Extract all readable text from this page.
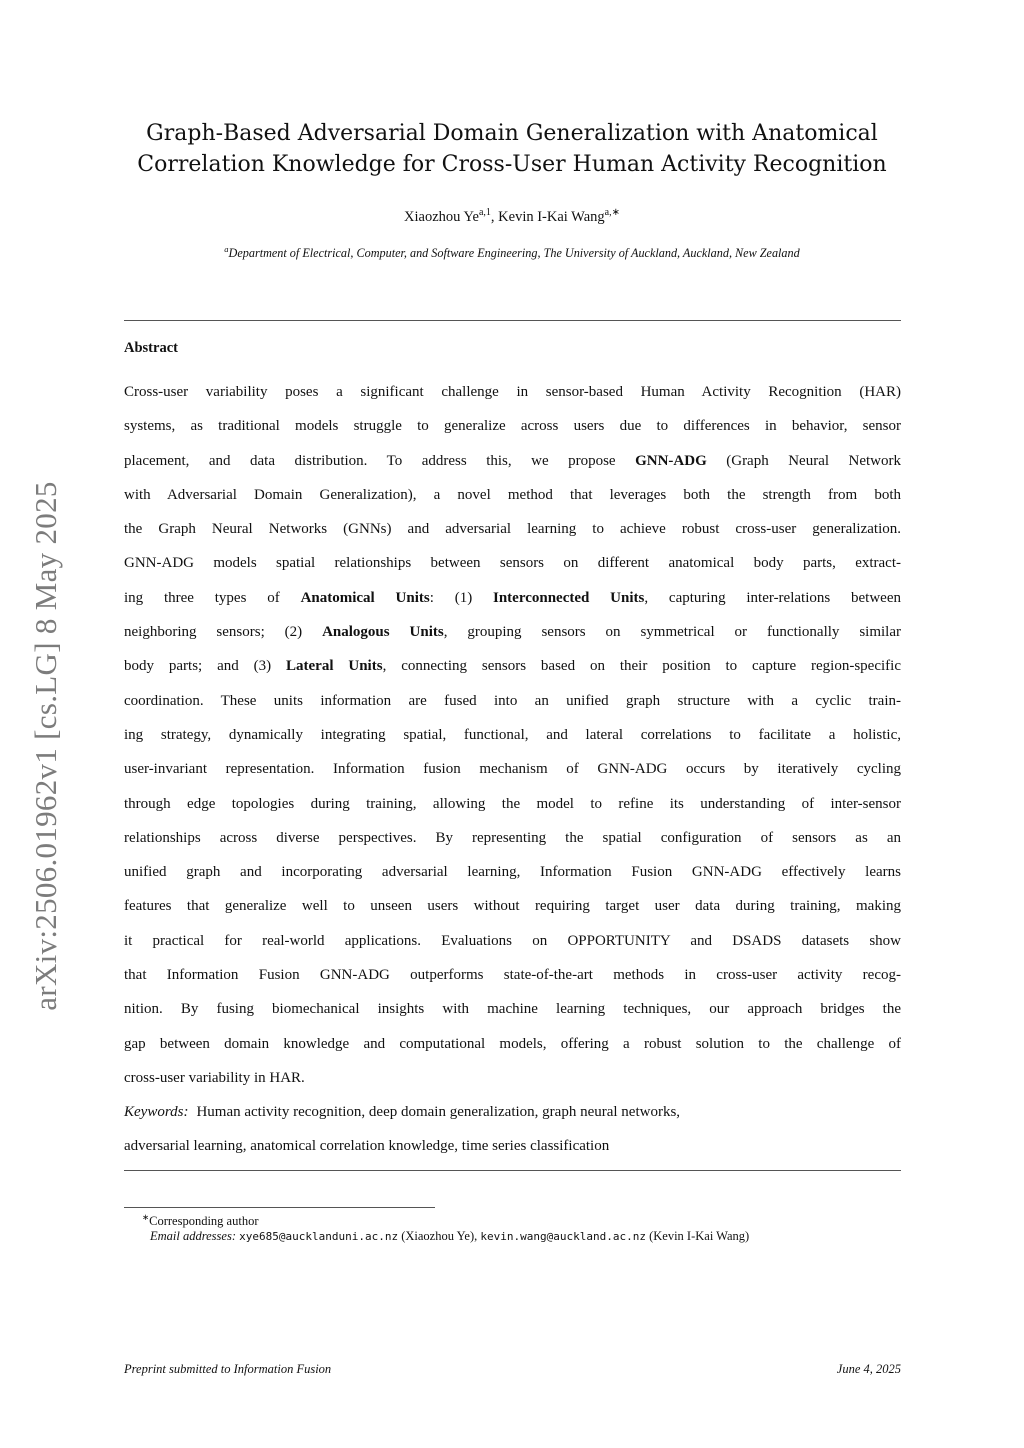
arXiv:2506.01962v1 [cs.LG] 8 May 2025
Graph-Based Adversarial Domain Generalization with Anatomical
Correlation Knowledge for Cross-User Human Activity Recognition
Xiaozhou Ye$^{a,1}$, Kevin I-Kai Wang$^{a,∗}$
$^a$Department of Electrical, Computer, and Software Engineering, The University of Auckland, Auckland, New Zealand
Abstract
Cross-user variability poses a significant challenge in sensor-based Human Activity Recognition (HAR)
systems, as traditional models struggle to generalize across users due to differences in behavior, sensor
placement, and data distribution. To address this, we propose GNN-ADG (Graph Neural Network
with Adversarial Domain Generalization), a novel method that leverages both the strength from both
the Graph Neural Networks (GNNs) and adversarial learning to achieve robust cross-user generalization.
GNN-ADG models spatial relationships between sensors on different anatomical body parts, extract-
ing three types of Anatomical Units: (1) Interconnected Units, capturing inter-relations between
neighboring sensors; (2) Analogous Units, grouping sensors on symmetrical or functionally similar
body parts; and (3) Lateral Units, connecting sensors based on their position to capture region-specific
coordination. These units information are fused into an unified graph structure with a cyclic train-
ing strategy, dynamically integrating spatial, functional, and lateral correlations to facilitate a holistic,
user-invariant representation. Information fusion mechanism of GNN-ADG occurs by iteratively cycling
through edge topologies during training, allowing the model to refine its understanding of inter-sensor
relationships across diverse perspectives. By representing the spatial configuration of sensors as an
unified graph and incorporating adversarial learning, Information Fusion GNN-ADG effectively learns
features that generalize well to unseen users without requiring target user data during training, making
it practical for real-world applications. Evaluations on OPPORTUNITY and DSADS datasets show
that Information Fusion GNN-ADG outperforms state-of-the-art methods in cross-user activity recog-
nition. By fusing biomechanical insights with machine learning techniques, our approach bridges the
gap between domain knowledge and computational models, offering a robust solution to the challenge of
cross-user variability in HAR.
Keywords: Human activity recognition, deep domain generalization, graph neural networks,
adversarial learning, anatomical correlation knowledge, time series classification
∗Corresponding author
Email addresses: xye685@aucklanduni.ac.nz (Xiaozhou Ye), kevin.wang@auckland.ac.nz (Kevin I-Kai Wang)
Preprint submitted to Information Fusion	June 4, 2025
